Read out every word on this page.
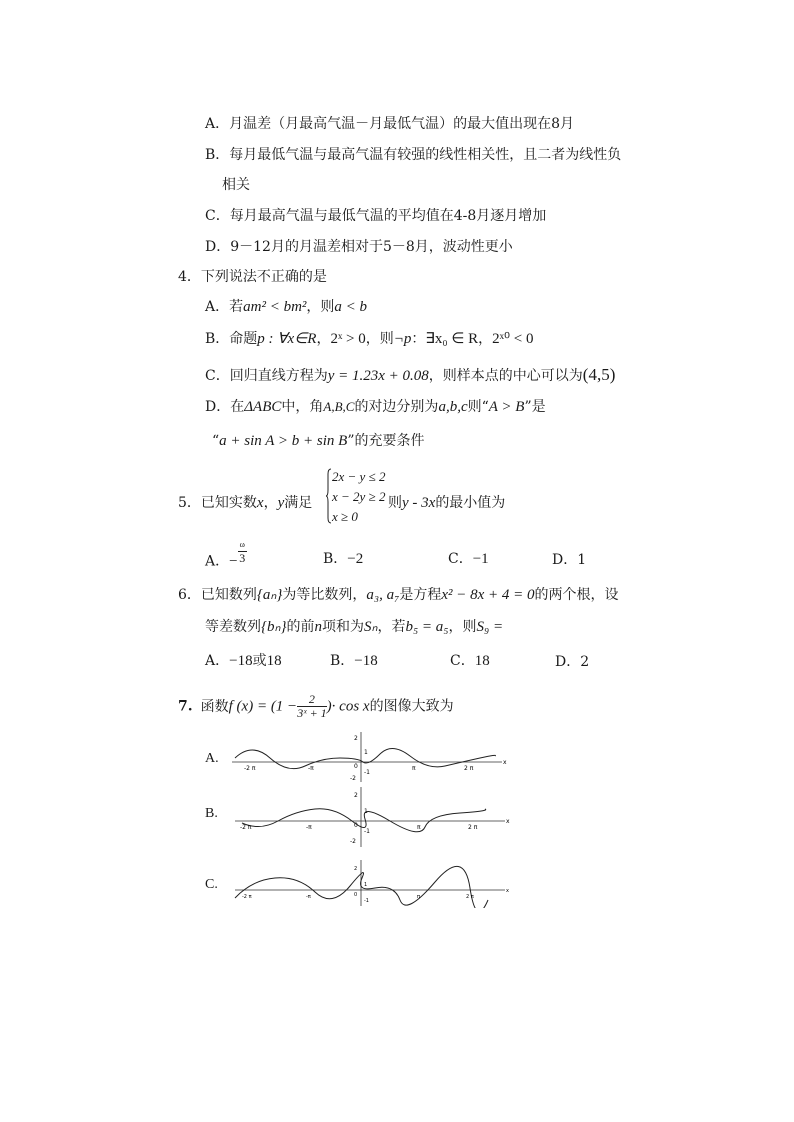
A．月温差（月最高气温－月最低气温）的最大值出现在8月
B．每月最低气温与最高气温有较强的线性相关性，且二者为线性负
相关
C．每月最高气温与最低气温的平均值在4-8月逐月增加
D．9－12月的月温差相对于5－8月，波动性更小
4．下列说法不正确的是
A．若am² < bm²，则a < b
B．命题p : ∀x∈R，2ˣ > 0，则¬p：∃x₀ ∈ R，2ˣ⁰ < 0
C．回归直线方程为y = 1.23x + 0.08，则样本点的中心可以为(4,5)
D．在ΔABC中，角A,B,C的对边分别为a,b,c则“A > B”是
“a + sin A > b + sin B”的充要条件
5．已知实数x，y满足
2x − y ≤ 2
x − 2y ≥ 2
x ≥ 0
则y - 3x的最小值为
A．− $\frac{\omega}{3}$	B．−2	C．−1	D．1
6．已知数列{aₙ}为等比数列，a₃, a₇是方程x² − 8x + 4 = 0的两个根，设
等差数列{bₙ}的前n项和为Sₙ，若b₅ = a₅，则S₉ =
A．−18或18	B．−18	C．18	D．2
7. 函数f $(x) = (1 - \frac{2}{\text{3ˣ + 1}}$ )· cos x的图像大致为
A.
B.
C.
-2 π	-π	π	2 π
2
1
0
-1
-2
x
-2 π	-π	π	2 π
2
1
0
-1
-2
x
-2 π	-π	π	2 π
2
1
0
-1
x
